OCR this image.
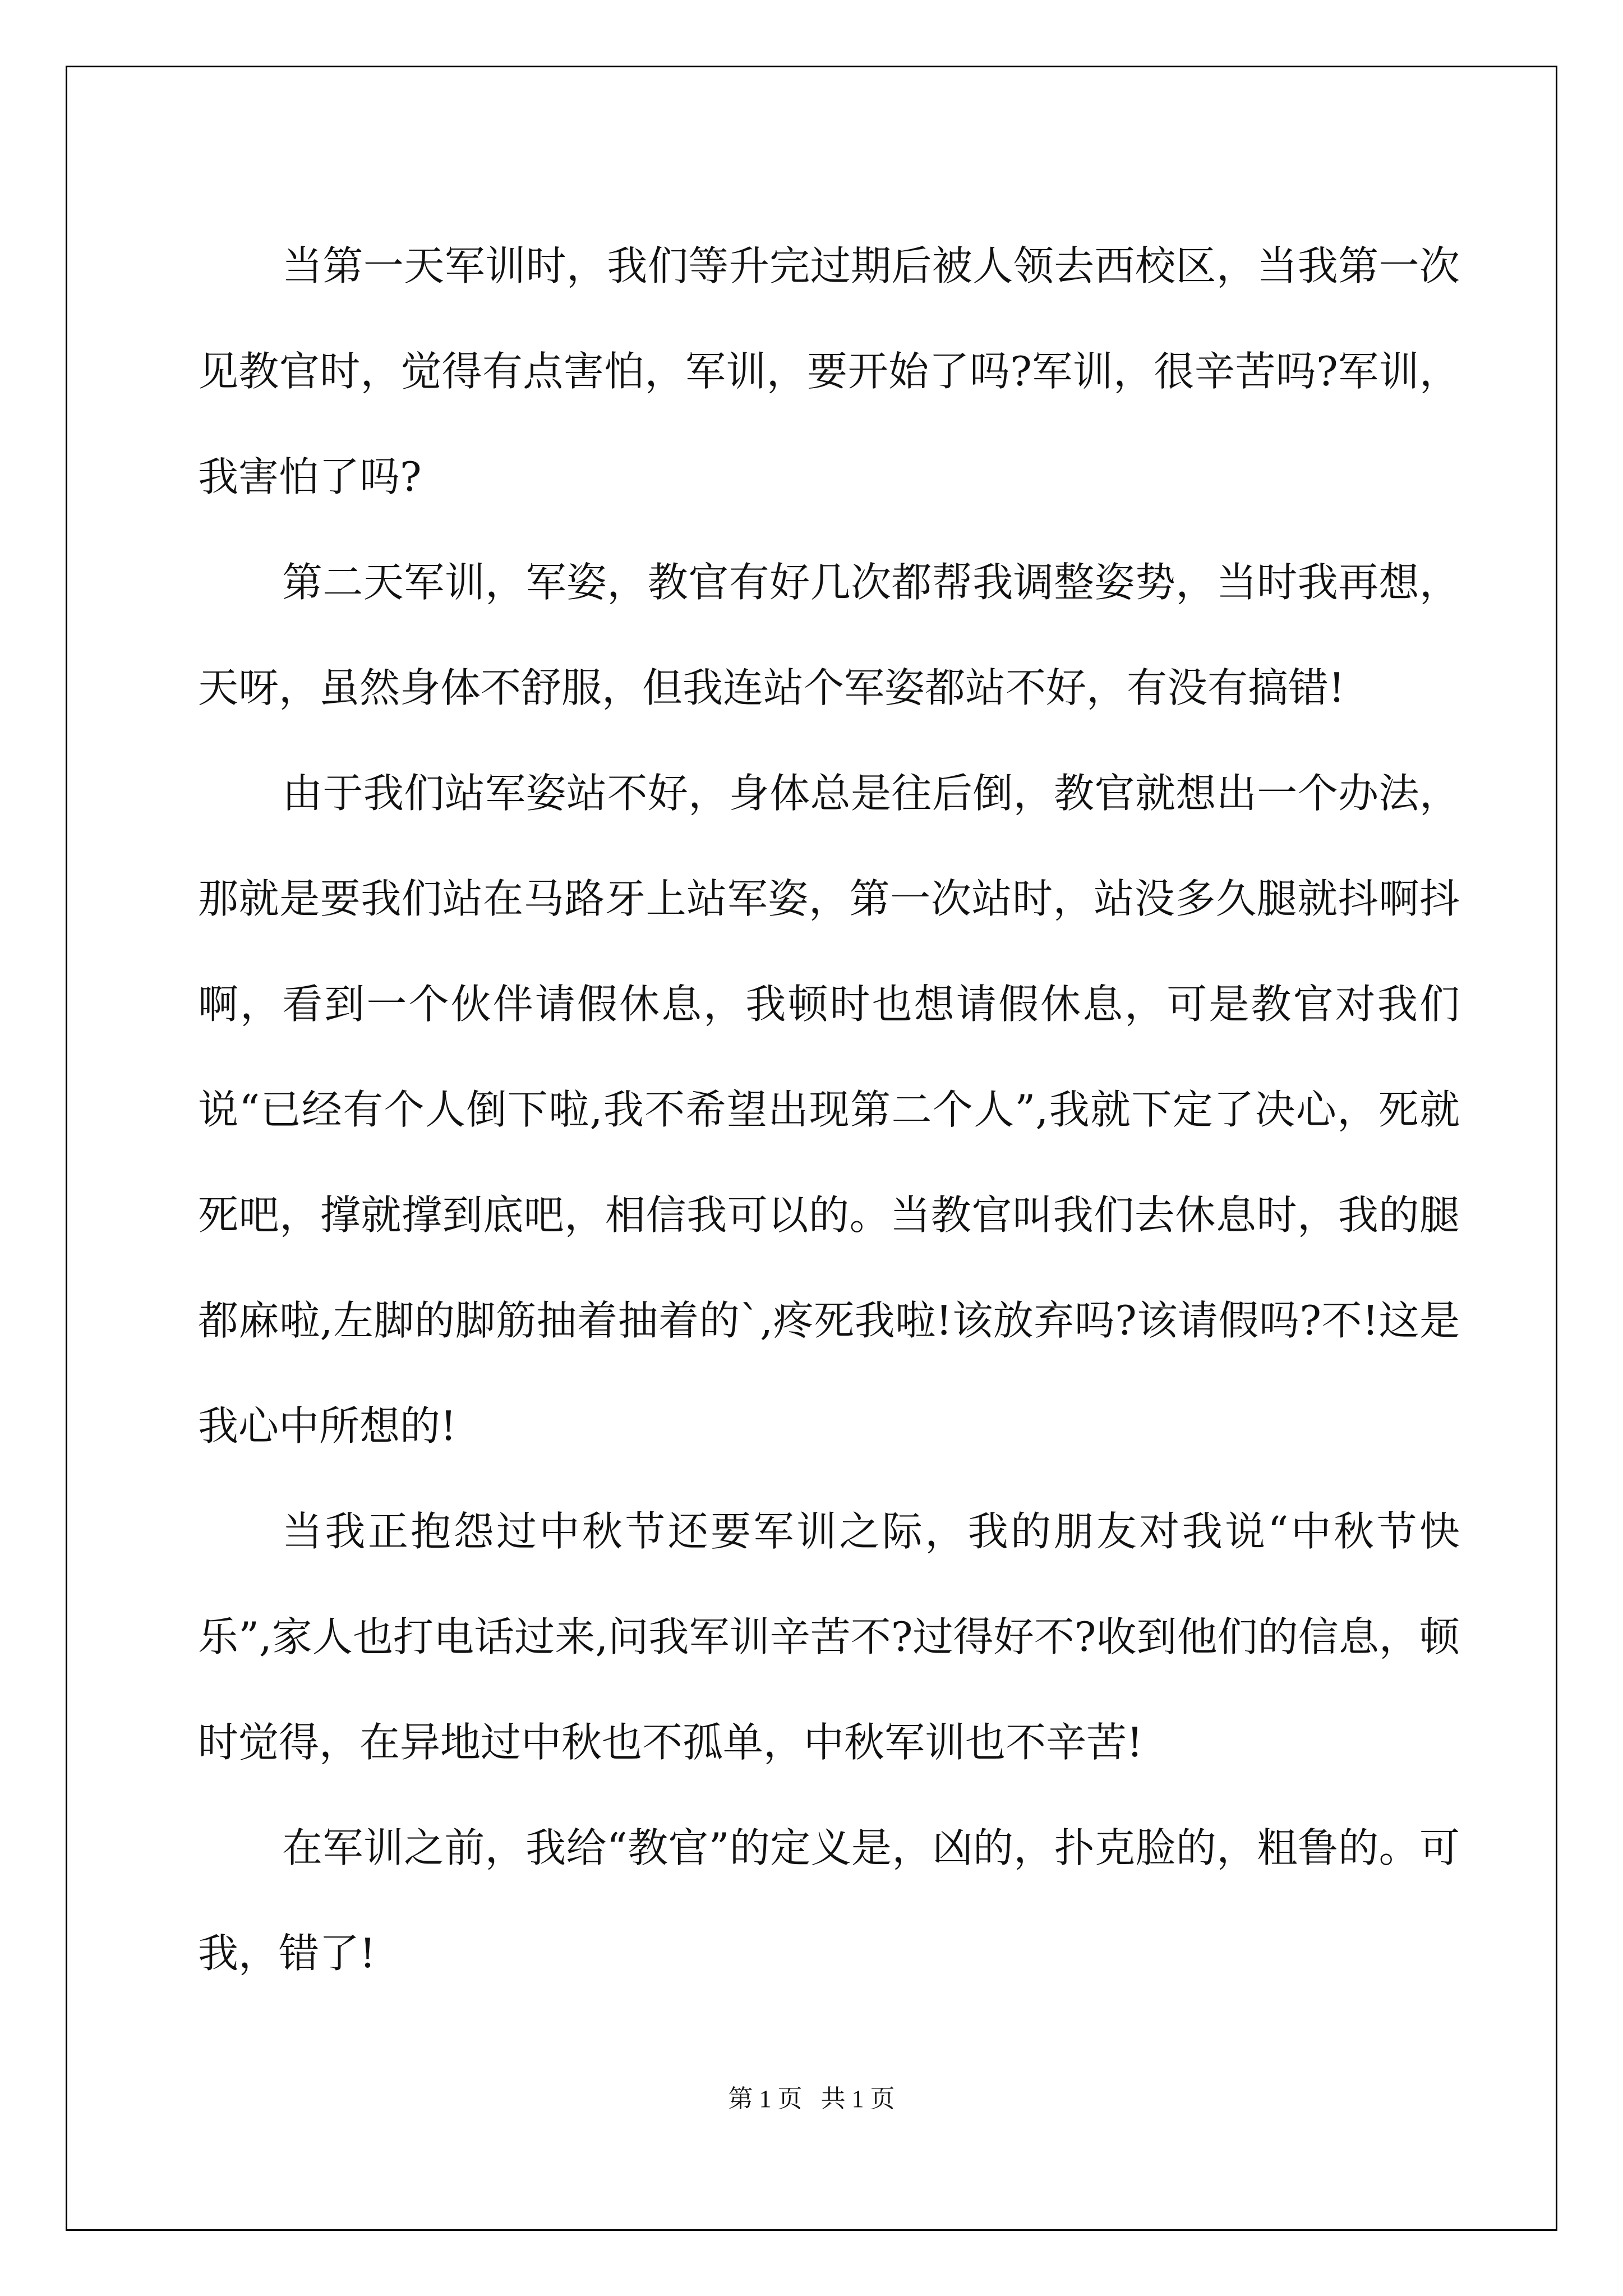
当第一天军训时，我们等升完过期后被人领去西校区，当我第一次见教官时，觉得有点害怕，军训，要开始了吗?军训，很辛苦吗?军训，我害怕了吗?

第二天军训，军姿，教官有好几次都帮我调整姿势，当时我再想，天呀，虽然身体不舒服，但我连站个军姿都站不好，有没有搞错!

由于我们站军姿站不好，身体总是往后倒，教官就想出一个办法，那就是要我们站在马路牙上站军姿，第一次站时，站没多久腿就抖啊抖啊，看到一个伙伴请假休息，我顿时也想请假休息，可是教官对我们说“已经有个人倒下啦,我不希望出现第二个人”,我就下定了决心，死就死吧，撑就撑到底吧，相信我可以的。当教官叫我们去休息时，我的腿都麻啦,左脚的脚筋抽着抽着的`,疼死我啦!该放弃吗?该请假吗?不!这是我心中所想的!

当我正抱怨过中秋节还要军训之际，我的朋友对我说“中秋节快乐”,家人也打电话过来,问我军训辛苦不?过得好不?收到他们的信息，顿时觉得，在异地过中秋也不孤单，中秋军训也不辛苦!

在军训之前，我给“教官”的定义是，凶的，扑克脸的，粗鲁的。可我，错了!

第 1 页   共 1 页
